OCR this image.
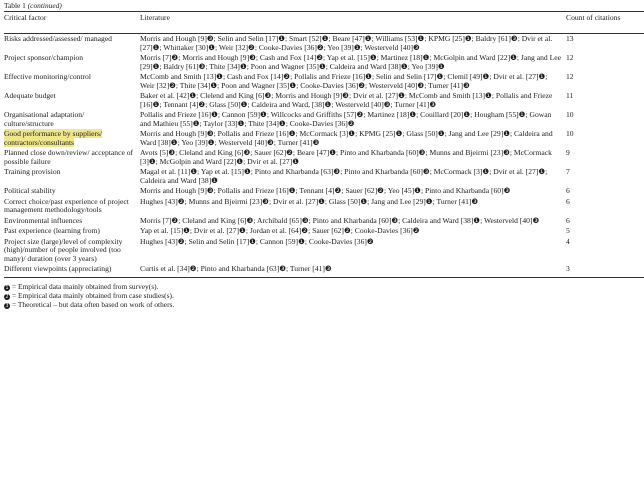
Table 1 (continued)
Critical factor	Literature	Count of citations
Risks addressed/assessed/ managed	Morris and Hough [9]❸; Selin and Selin [17]❶; Smart [52]❶; Beare [47]❶; Williams [53]❶; KPMG [25]❶; Baldry [61]❸; Dvir et al. [27]❶; Whittaker [30]❶; Weir [32]❷; Cooke-Davies [36]❷; Yeo [39]❶; Westerveld [40]❸	13
Project sponsor/champion	Morris [7]❷; Morris and Hough [9]❸; Cash and Fox [14]❷; Yap et al. [15]❶; Martinez [18]❶; McGolpin and Ward [22]❶; Jang and Lee [29]❶; Baldry [61]❸; Thite [34]❶; Poon and Wagner [35]❶; Caldeira and Ward [38]❶; Yeo [39]❶	12
Effective monitoring/control	McComb and Smith [13]❶; Cash and Fox [14]❷; Pollalis and Frieze [16]❶; Selin and Selin [17]❶; Clemil [49]❶; Dvir et al. [27]❶; Weir [32]❷; Thite [34]❶; Poon and Wagner [35]❶; Cooke-Davies [36]❷; Westerveld [40]❸; Turner [41]❸	12
Adequate budget	Baker et al. [42]❶; Clelend and King [6]❸; Morris and Hough [9]❸; Dvir et al. [27]❶; McComb and Smith [13]❶; Pollalis and Frieze [16]❶; Tennant [4]❷; Glass [50]❶; Caldeira and Ward, [38]❶; Westerveld [40]❸; Turner [41]❸	11
Organisational adaptation/ culture/structure	Pollalis and Frieze [16]❶; Cannon [59]❶; Willcocks and Griffiths [57]❷; Martinez [18]❶; Couillard [20]❶; Hougham [55]❶; Gowan and Mathieu [55]❶; Taylor [33]❶; Thite [34]❶; Cooke-Davies [36]❷	10
Good performance by suppliers/ contractors/consultants	Morris and Hough [9]❸; Pollalis and Frieze [16]❶; McCormack [3]❶; KPMG [25]❶; Glass [50]❶; Jang and Lee [29]❶; Caldeira and Ward [38]❶; Yeo [39]❶; Westerveld [40]❸; Turner [41]❸	10
Planned close down/review/ acceptance of possible failure	Avots [5]❸; Cleland and King [6]❸; Sauer [62]❷; Beare [47]❶; Pinto and Kharbanda [60]❸; Munns and Bjeirmi [23]❸; McCormack [3]❶; McGolpin and Ward [22]❶; Dvir et al. [27]❶	9
Training provision	Magal et al. [11]❶; Yap et al. [15]❶; Pinto and Kharbanda [63]❸; Pinto and Kharbanda [60]❸; McCormack [3]❶; Dvir et al. [27]❶; Caldeira and Ward [38]❶	7
Political stability	Morris and Hough [9]❸; Pollalis and Frieze [16]❶; Tennant [4]❷; Sauer [62]❷; Yeo [45]❶; Pinto and Kharbanda [60]❸	6
Correct choice/past experience of project management methodology/tools	Hughes [43]❷; Munns and Bjeirmi [23]❸; Dvir et al. [27]❶; Glass [50]❶; Jang and Lee [29]❶; Turner [41]❸	6
Environmental influences	Morris [7]❷; Cleland and King [6]❸; Archibald [65]❸; Pinto and Kharbanda [60]❸; Caldeira and Ward [38]❶; Westerveld [40]❸	6
Past experience (learning from)	Yap et al. [15]❶; Dvir et al. [27]❶; Jordan et al. [64]❷; Sauer [62]❷; Cooke-Davies [36]❷	5
Project size (large)/level of complexity (high)/number of people involved (too many)/ duration (over 3 years)	Hughes [43]❷; Selin and Selin [17]❶; Cannon [59]❶; Cooke-Davies [36]❷	4
Different viewpoints (appreciating)	Curtis et al. [34]❷; Pinto and Kharbanda [63]❸; Turner [41]❸	3
1 = Empirical data mainly obtained from survey(s).
2 = Empirical data mainly obtained from case studies(s).
3 = Theoretical – but data often based on work of others.
